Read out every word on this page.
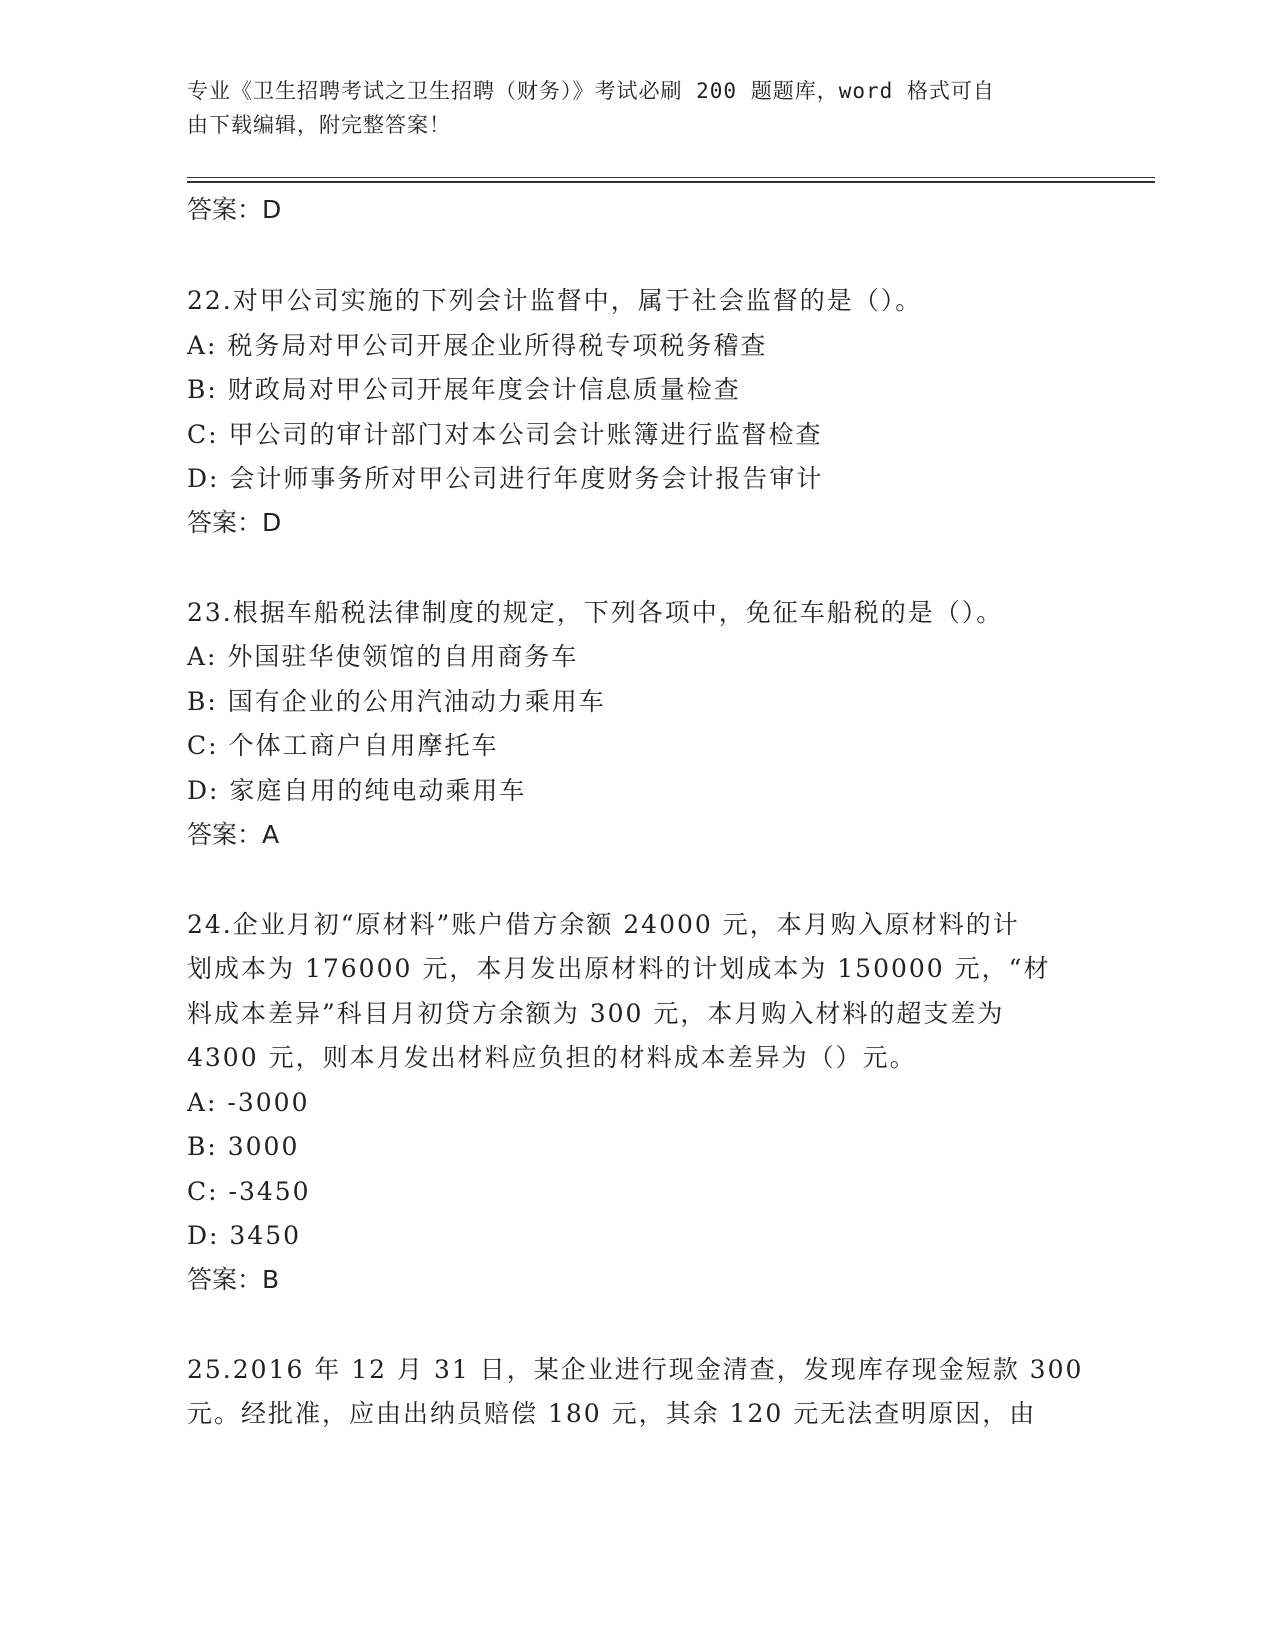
专业《卫生招聘考试之卫生招聘（财务）》考试必刷 200 题题库，word 格式可自
由下载编辑，附完整答案！
答案：D
22.对甲公司实施的下列会计监督中，属于社会监督的是（）。
A: 税务局对甲公司开展企业所得税专项税务稽查
B: 财政局对甲公司开展年度会计信息质量检查
C: 甲公司的审计部门对本公司会计账簿进行监督检查
D: 会计师事务所对甲公司进行年度财务会计报告审计
答案：D
23.根据车船税法律制度的规定，下列各项中，免征车船税的是（）。
A: 外国驻华使领馆的自用商务车
B: 国有企业的公用汽油动力乘用车
C: 个体工商户自用摩托车
D: 家庭自用的纯电动乘用车
答案：A
24.企业月初“原材料”账户借方余额 24000 元，本月购入原材料的计
划成本为 176000 元，本月发出原材料的计划成本为 150000 元，“材
料成本差异”科目月初贷方余额为 300 元，本月购入材料的超支差为
4300 元，则本月发出材料应负担的材料成本差异为（）元。
A: -3000
B: 3000
C: -3450
D: 3450
答案：B
25.2016 年 12 月 31 日，某企业进行现金清查，发现库存现金短款 300
元。经批准，应由出纳员赔偿 180 元，其余 120 元无法查明原因，由
